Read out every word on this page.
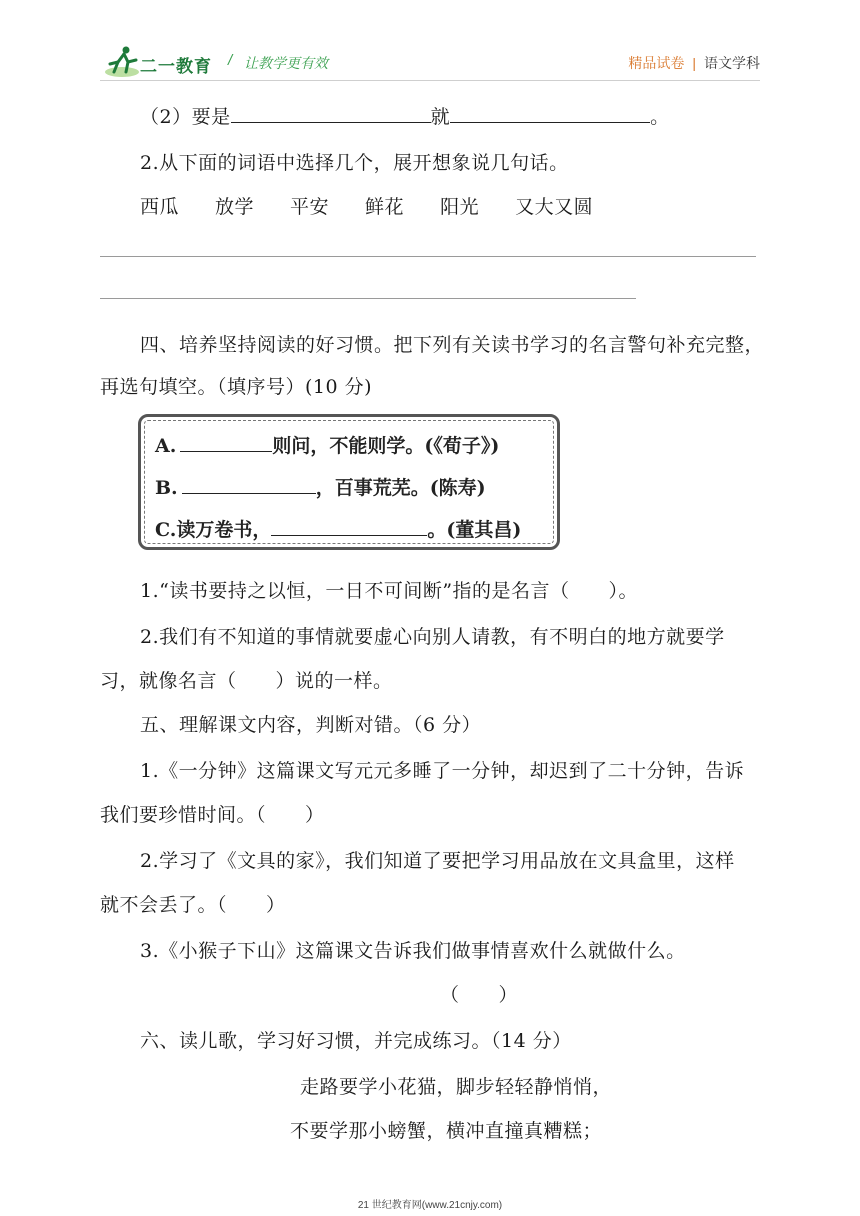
二一教育 / 让教学更有效	精品试卷 | 语文学科
（2）要是	就	。
2.从下面的词语中选择几个，展开想象说几句话。
西瓜 放学 平安 鲜花 阳光 又大又圆
四、培养坚持阅读的好习惯。把下列有关读书学习的名言警句补充完整，
再选句填空。（填序号）(10 分)
A.	则问，不能则学。(《荀子》)
B.	，百事荒芜。(陈寿)
C.读万卷书，	。(董其昌)
1.“读书要持之以恒，一日不可间断”指的是名言（　　）。
2.我们有不知道的事情就要虚心向别人请教，有不明白的地方就要学
习，就像名言（　　）说的一样。
五、理解课文内容，判断对错。（6 分）
1.《一分钟》这篇课文写元元多睡了一分钟，却迟到了二十分钟，告诉
我们要珍惜时间。（　　）
2.学习了《文具的家》，我们知道了要把学习用品放在文具盒里，这样
就不会丢了。（　　）
3.《小猴子下山》这篇课文告诉我们做事情喜欢什么就做什么。
（　　）
六、读儿歌，学习好习惯，并完成练习。（14 分）
走路要学小花猫，脚步轻轻静悄悄，
不要学那小螃蟹，横冲直撞真糟糕；
21 世纪教育网(www.21cnjy.com)
